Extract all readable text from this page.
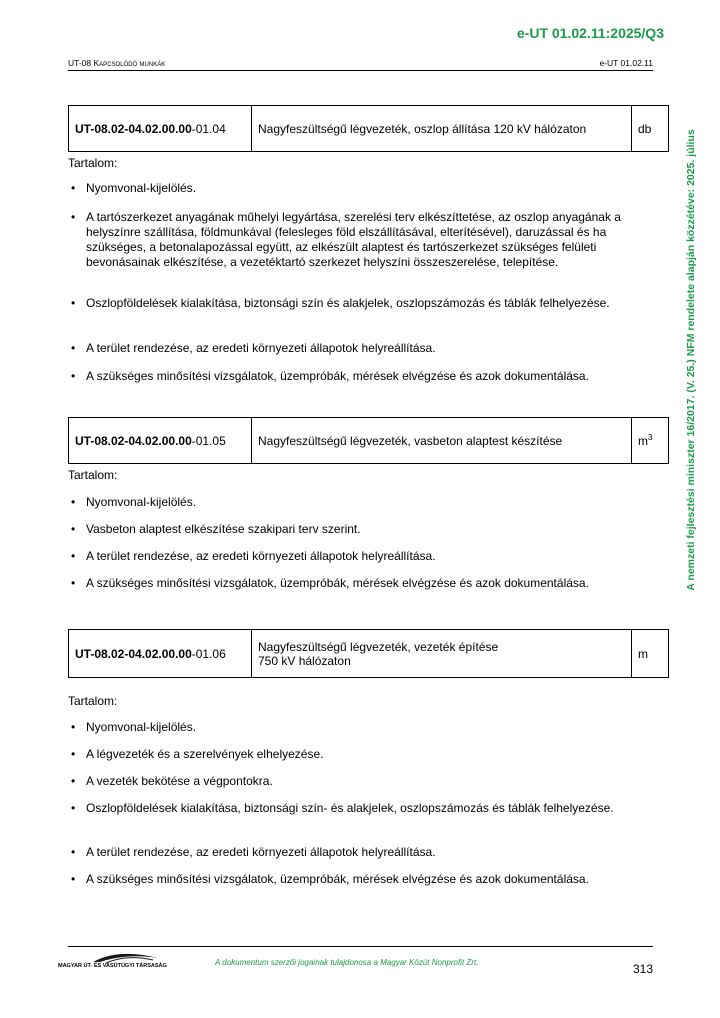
e-UT 01.02.11:2025/Q3
UT-08 Kapcsolódó munkák	e-UT 01.02.11
A nemzeti fejlesztési miniszter 16/2017. (V. 25.) NFM rendelete alapján közzétéve: 2025. július
UT-08.02-04.02.00.00-01.04	Nagyfeszültségű légvezeték, oszlop állítása 120 kV hálózaton	db
Tartalom:
• Nyomvonal-kijelölés.
• A tartószerkezet anyagának műhelyi legyártása, szerelési terv elkészíttetése, az oszlop anyagának a helyszínre szállítása, földmunkával (felesleges föld elszállításával, elterítésével), daruzással és ha szükséges, a betonalapozással együtt, az elkészült alaptest és tartószerkezet szükséges felületi bevonásainak elkészítése, a vezetéktartó szerkezet helyszíni összeszerelése, telepítése.
• Oszlopföldelések kialakítása, biztonsági szín és alakjelek, oszlopszámozás és táblák felhelyezése.
• A terület rendezése, az eredeti környezeti állapotok helyreállítása.
• A szükséges minősítési vizsgálatok, üzempróbák, mérések elvégzése és azok dokumentálása.
UT-08.02-04.02.00.00-01.05	Nagyfeszültségű légvezeték, vasbeton alaptest készítése	$m^3$
Tartalom:
• Nyomvonal-kijelölés.
• Vasbeton alaptest elkészítése szakipari terv szerint.
• A terület rendezése, az eredeti környezeti állapotok helyreállítása.
• A szükséges minősítési vizsgálatok, üzempróbák, mérések elvégzése és azok dokumentálása.
UT-08.02-04.02.00.00-01.06	Nagyfeszültségű légvezeték, vezeték építése
750 kV hálózaton	m
Tartalom:
• Nyomvonal-kijelölés.
• A légvezeték és a szerelvények elhelyezése.
• A vezeték bekötése a végpontokra.
• Oszlopföldelések kialakítása, biztonsági szín- és alakjelek, oszlopszámozás és táblák felhelyezése.
• A terület rendezése, az eredeti környezeti állapotok helyreállítása.
• A szükséges minősítési vizsgálatok, üzempróbák, mérések elvégzése és azok dokumentálása.
MAGYAR ÚT- ÉS VASÚTÜGYI TÁRSASÁG	A dokumentum szerzői jogainak tulajdonosa a Magyar Közút Nonprofit Zrt.	313
